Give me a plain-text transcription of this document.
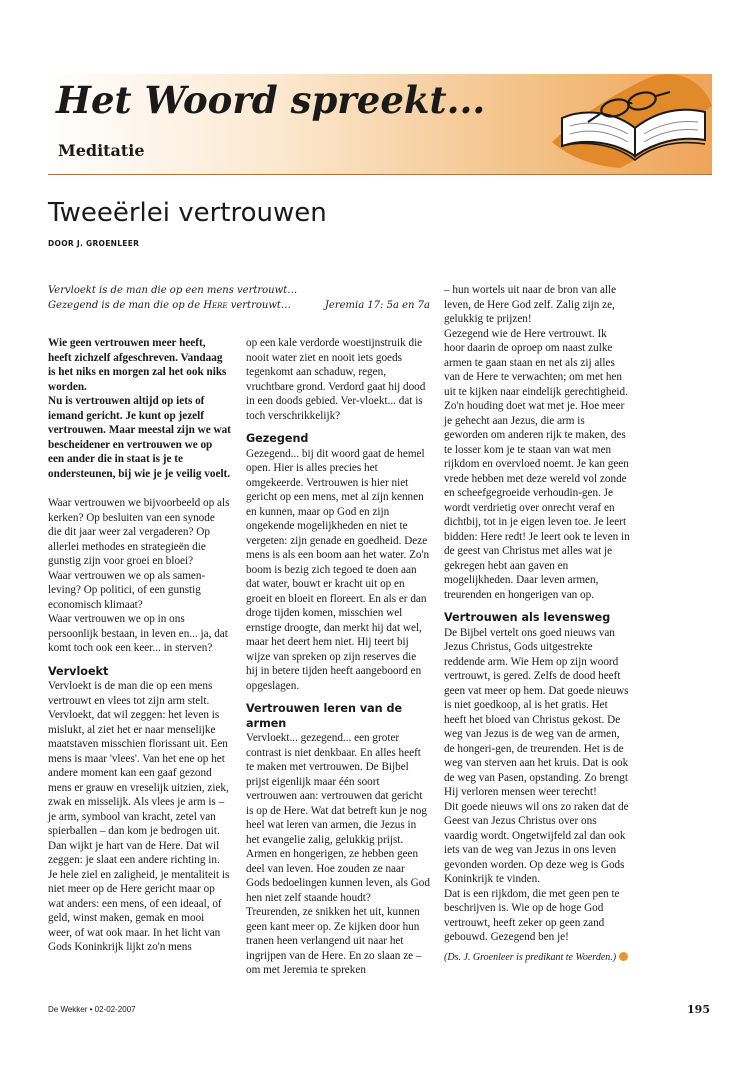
Het Woord spreekt...
Meditatie
Tweeërlei vertrouwen
DOOR J. GROENLEER
Vervloekt is de man die op een mens vertrouwt…
Gezegend is de man die op de Here vertrouwt…	Jeremia 17: 5a en 7a

Wie geen vertrouwen meer heeft, heeft zichzelf afgeschreven. Vandaag is het niks en morgen zal het ook niks worden.
Nu is vertrouwen altijd op iets of iemand gericht. Je kunt op jezelf vertrouwen. Maar meestal zijn we wat bescheidener en vertrouwen we op een ander die in staat is je te ondersteunen, bij wie je je veilig voelt.

Waar vertrouwen we bijvoorbeeld op als kerken? Op besluiten van een synode die dit jaar weer zal vergaderen? Op allerlei methodes en strategieën die gunstig zijn voor groei en bloei?
Waar vertrouwen we op als samen-leving? Op politici, of een gunstig economisch klimaat?
Waar vertrouwen we op in ons persoonlijk bestaan, in leven en... ja, dat komt toch ook een keer... in sterven?

Vervloekt

Vervloekt is de man die op een mens vertrouwt en vlees tot zijn arm stelt. Vervloekt, dat wil zeggen: het leven is mislukt, al ziet het er naar menselijke maatstaven misschien florissant uit. Een mens is maar 'vlees'. Van het ene op het andere moment kan een gaaf gezond mens er grauw en vreselijk uitzien, ziek, zwak en misselijk. Als vlees je arm is – je arm, symbool van kracht, zetel van spierballen – dan kom je bedrogen uit. Dan wijkt je hart van de Here. Dat wil zeggen: je slaat een andere richting in. Je hele ziel en zaligheid, je mentaliteit is niet meer op de Here gericht maar op wat anders: een mens, of een ideaal, of geld, winst maken, gemak en mooi weer, of wat ook maar. In het licht van Gods Koninkrijk lijkt zo'n mens

op een kale verdorde woestijnstruik die nooit water ziet en nooit iets goeds tegenkomt aan schaduw, regen, vruchtbare grond. Verdord gaat hij dood in een doods gebied. Ver-vloekt... dat is toch verschrikkelijk?

Gezegend

Gezegend... bij dit woord gaat de hemel open. Hier is alles precies het omgekeerde. Vertrouwen is hier niet gericht op een mens, met al zijn kennen en kunnen, maar op God en zijn ongekende mogelijkheden en niet te vergeten: zijn genade en goedheid. Deze mens is als een boom aan het water. Zo'n boom is bezig zich tegoed te doen aan dat water, bouwt er kracht uit op en groeit en bloeit en floreert. En als er dan droge tijden komen, misschien wel ernstige droogte, dan merkt hij dat wel, maar het deert hem niet. Hij teert bij wijze van spreken op zijn reserves die hij in betere tijden heeft aangeboord en opgeslagen.

Vertrouwen leren van de armen

Vervloekt... gezegend... een groter contrast is niet denkbaar. En alles heeft te maken met vertrouwen. De Bijbel prijst eigenlijk maar één soort vertrouwen aan: vertrouwen dat gericht is op de Here. Wat dat betreft kun je nog heel wat leren van armen, die Jezus in het evangelie zalig, gelukkig prijst.
Armen en hongerigen, ze hebben geen deel van leven. Hoe zouden ze naar Gods bedoelingen kunnen leven, als God hen niet zelf staande houdt?
Treurenden, ze snikken het uit, kunnen geen kant meer op. Ze kijken door hun tranen heen verlangend uit naar het ingrijpen van de Here. En zo slaan ze – om met Jeremia te spreken

– hun wortels uit naar de bron van alle leven, de Here God zelf. Zalig zijn ze, gelukkig te prijzen!
Gezegend wie de Here vertrouwt. Ik hoor daarin de oproep om naast zulke armen te gaan staan en net als zij alles van de Here te verwachten; om met hen uit te kijken naar eindelijk gerechtigheid. Zo'n houding doet wat met je. Hoe meer je gehecht aan Jezus, die arm is geworden om anderen rijk te maken, des te losser kom je te staan van wat men rijkdom en overvloed noemt. Je kan geen vrede hebben met deze wereld vol zonde en scheefgegroeide verhoudin-gen. Je wordt verdrietig over onrecht veraf en dichtbij, tot in je eigen leven toe. Je leert bidden: Here redt! Je leert ook te leven in de geest van Christus met alles wat je gekregen hebt aan gaven en mogelijkheden. Daar leven armen, treurenden en hongerigen van op.

Vertrouwen als levensweg

De Bijbel vertelt ons goed nieuws van Jezus Christus, Gods uitgestrekte reddende arm. Wie Hem op zijn woord vertrouwt, is gered. Zelfs de dood heeft geen vat meer op hem. Dat goede nieuws is niet goedkoop, al is het gratis. Het heeft het bloed van Christus gekost. De weg van Jezus is de weg van de armen, de hongeri-gen, de treurenden. Het is de weg van sterven aan het kruis. Dat is ook de weg van Pasen, opstanding. Zo brengt Hij verloren mensen weer terecht!
Dit goede nieuws wil ons zo raken dat de Geest van Jezus Christus over ons vaardig wordt. Ongetwijfeld zal dan ook iets van de weg van Jezus in ons leven gevonden worden. Op deze weg is Gods Koninkrijk te vinden.
Dat is een rijkdom, die met geen pen te beschrijven is. Wie op de hoge God vertrouwt, heeft zeker op geen zand gebouwd. Gezegend ben je!

(Ds. J. Groenleer is predikant te Woerden.)

De Wekker • 02-02-2007	195
